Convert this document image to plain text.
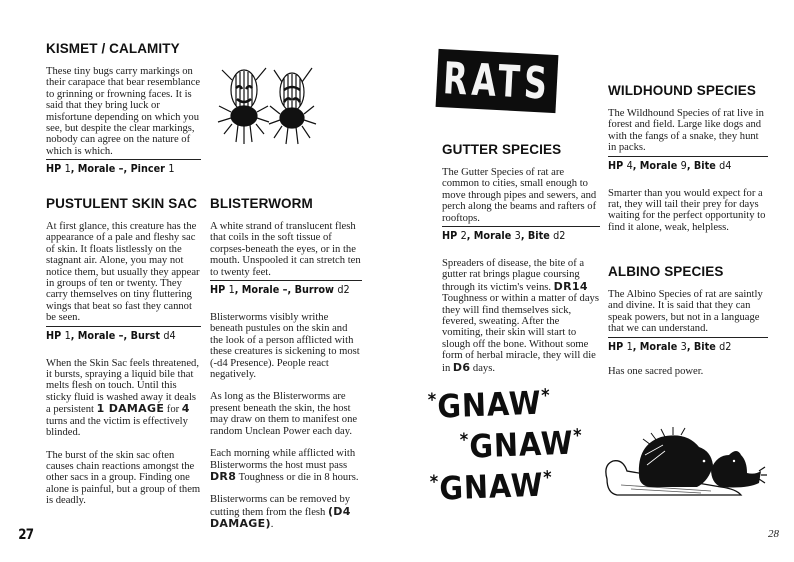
KISMET / CALAMITY
These tiny bugs carry markings on their carapace that bear resemblance to grinning or frowning faces. It is said that they bring luck or misfortune depending on which you see, but despite the clear markings, nobody can agree on the nature of which is which.
HP 1, Morale –, Pincer 1
PUSTULENT SKIN SAC
At first glance, this creature has the appearance of a pale and fleshy sac of skin. It floats listlessly on the stagnant air. Alone, you may not notice them, but usually they appear in groups of ten or twenty. They carry themselves on tiny fluttering wings that beat so fast they cannot be seen.
HP 1, Morale –, Burst d4
When the Skin Sac feels threatened, it bursts, spraying a liquid bile that melts flesh on touch. Until this sticky fluid is washed away it deals a persistent 1 DAMAGE for 4 turns and the victim is effectively blinded.
The burst of the skin sac often causes chain reactions amongst the other sacs in a group. Finding one alone is painful, but a group of them is deadly.
BLISTERWORM
A white strand of translucent flesh that coils in the soft tissue of corpses-beneath the eyes, or in the mouth. Unspooled it can stretch ten to twenty feet.
HP 1, Morale –, Burrow d2
Blisterworms visibly writhe beneath pustules on the skin and the look of a person afflicted with these creatures is sickening to most (-d4 Presence). People react negatively.
As long as the Blisterworms are present beneath the skin, the host may draw on them to manifest one random Unclean Power each day.
Each morning while afflicted with Blisterworms the host must pass DR8 Toughness or die in 8 hours.
Blisterworms can be removed by cutting them from the flesh (D4 DAMAGE).
27
RATS
GUTTER SPECIES
The Gutter Species of rat are common to cities, small enough to move through pipes and sewers, and perch along the beams and rafters of rooftops.
HP 2, Morale 3, Bite d2
Spreaders of disease, the bite of a gutter rat brings plague coursing through its victim's veins. DR14 Toughness or within a matter of days they will find themselves sick, fevered, sweating. After the vomiting, their skin will start to slough off the bone. Without some form of herbal miracle, they will die in D6 days.
WILDHOUND SPECIES
The Wildhound Species of rat live in forest and field. Large like dogs and with the fangs of a snake, they hunt in packs.
HP 4, Morale 9, Bite d4
Smarter than you would expect for a rat, they will tail their prey for days waiting for the perfect opportunity to find it alone, weak, helpless.
ALBINO SPECIES
The Albino Species of rat are saintly and divine. It is said that they can speak powers, but not in a language that we can understand.
HP 1, Morale 3, Bite d2
Has one sacred power.
*GNAW*
*GNAW*
*GNAW*
28
